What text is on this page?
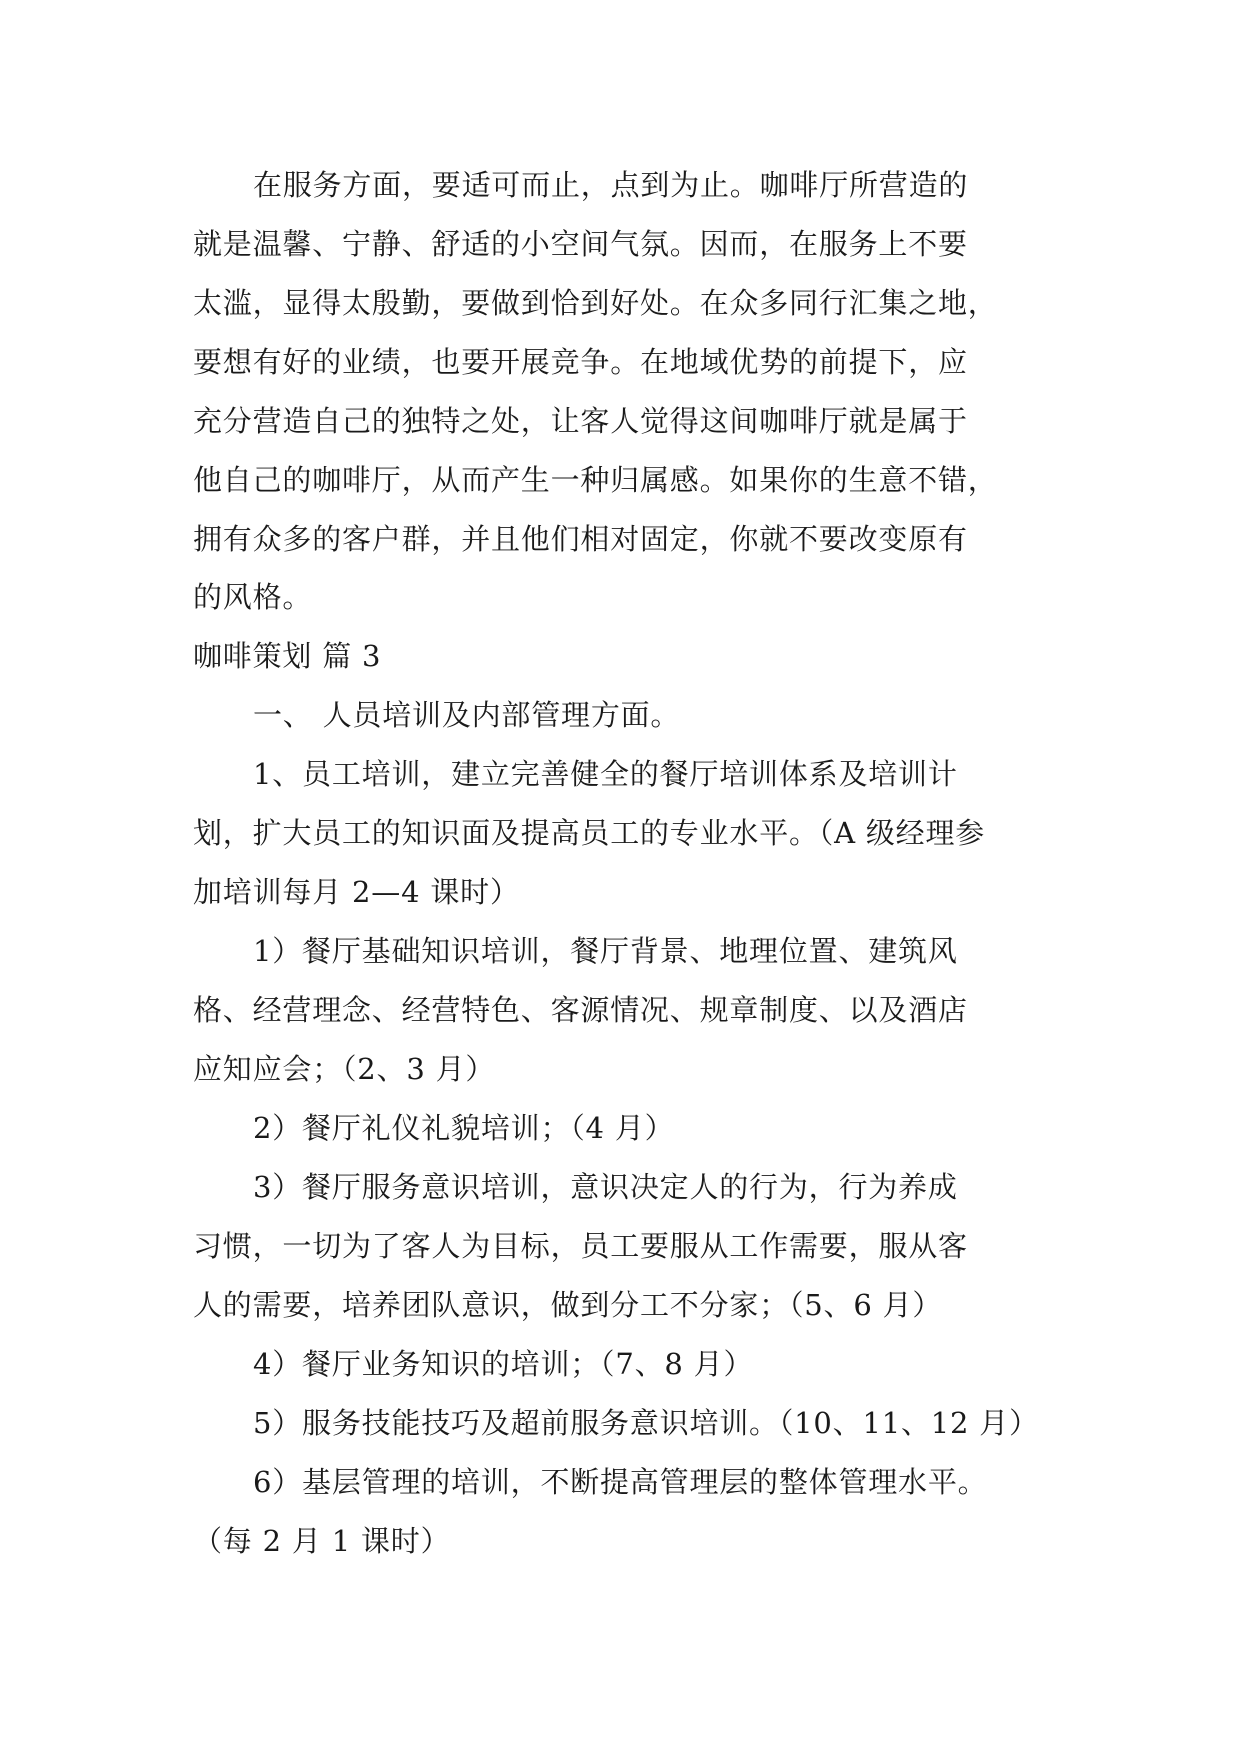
在服务方面，要适可而止，点到为止。咖啡厅所营造的
就是温馨、宁静、舒适的小空间气氛。因而，在服务上不要
太滥，显得太殷勤，要做到恰到好处。在众多同行汇集之地，
要想有好的业绩，也要开展竞争。在地域优势的前提下，应
充分营造自己的独特之处，让客人觉得这间咖啡厅就是属于
他自己的咖啡厅，从而产生一种归属感。如果你的生意不错，
拥有众多的客户群，并且他们相对固定，你就不要改变原有
的风格。
咖啡策划 篇 3
一、 人员培训及内部管理方面。
1、员工培训，建立完善健全的餐厅培训体系及培训计
划，扩大员工的知识面及提高员工的专业水平。（A 级经理参
加培训每月 2—4 课时）
1）餐厅基础知识培训，餐厅背景、地理位置、建筑风
格、经营理念、经营特色、客源情况、规章制度、以及酒店
应知应会；（2、3 月）
2）餐厅礼仪礼貌培训；（4 月）
3）餐厅服务意识培训，意识决定人的行为，行为养成
习惯，一切为了客人为目标，员工要服从工作需要，服从客
人的需要，培养团队意识，做到分工不分家；（5、6 月）
4）餐厅业务知识的培训；（7、8 月）
5）服务技能技巧及超前服务意识培训。（10、11、12 月）
6）基层管理的培训，不断提高管理层的整体管理水平。
（每 2 月 1 课时）
